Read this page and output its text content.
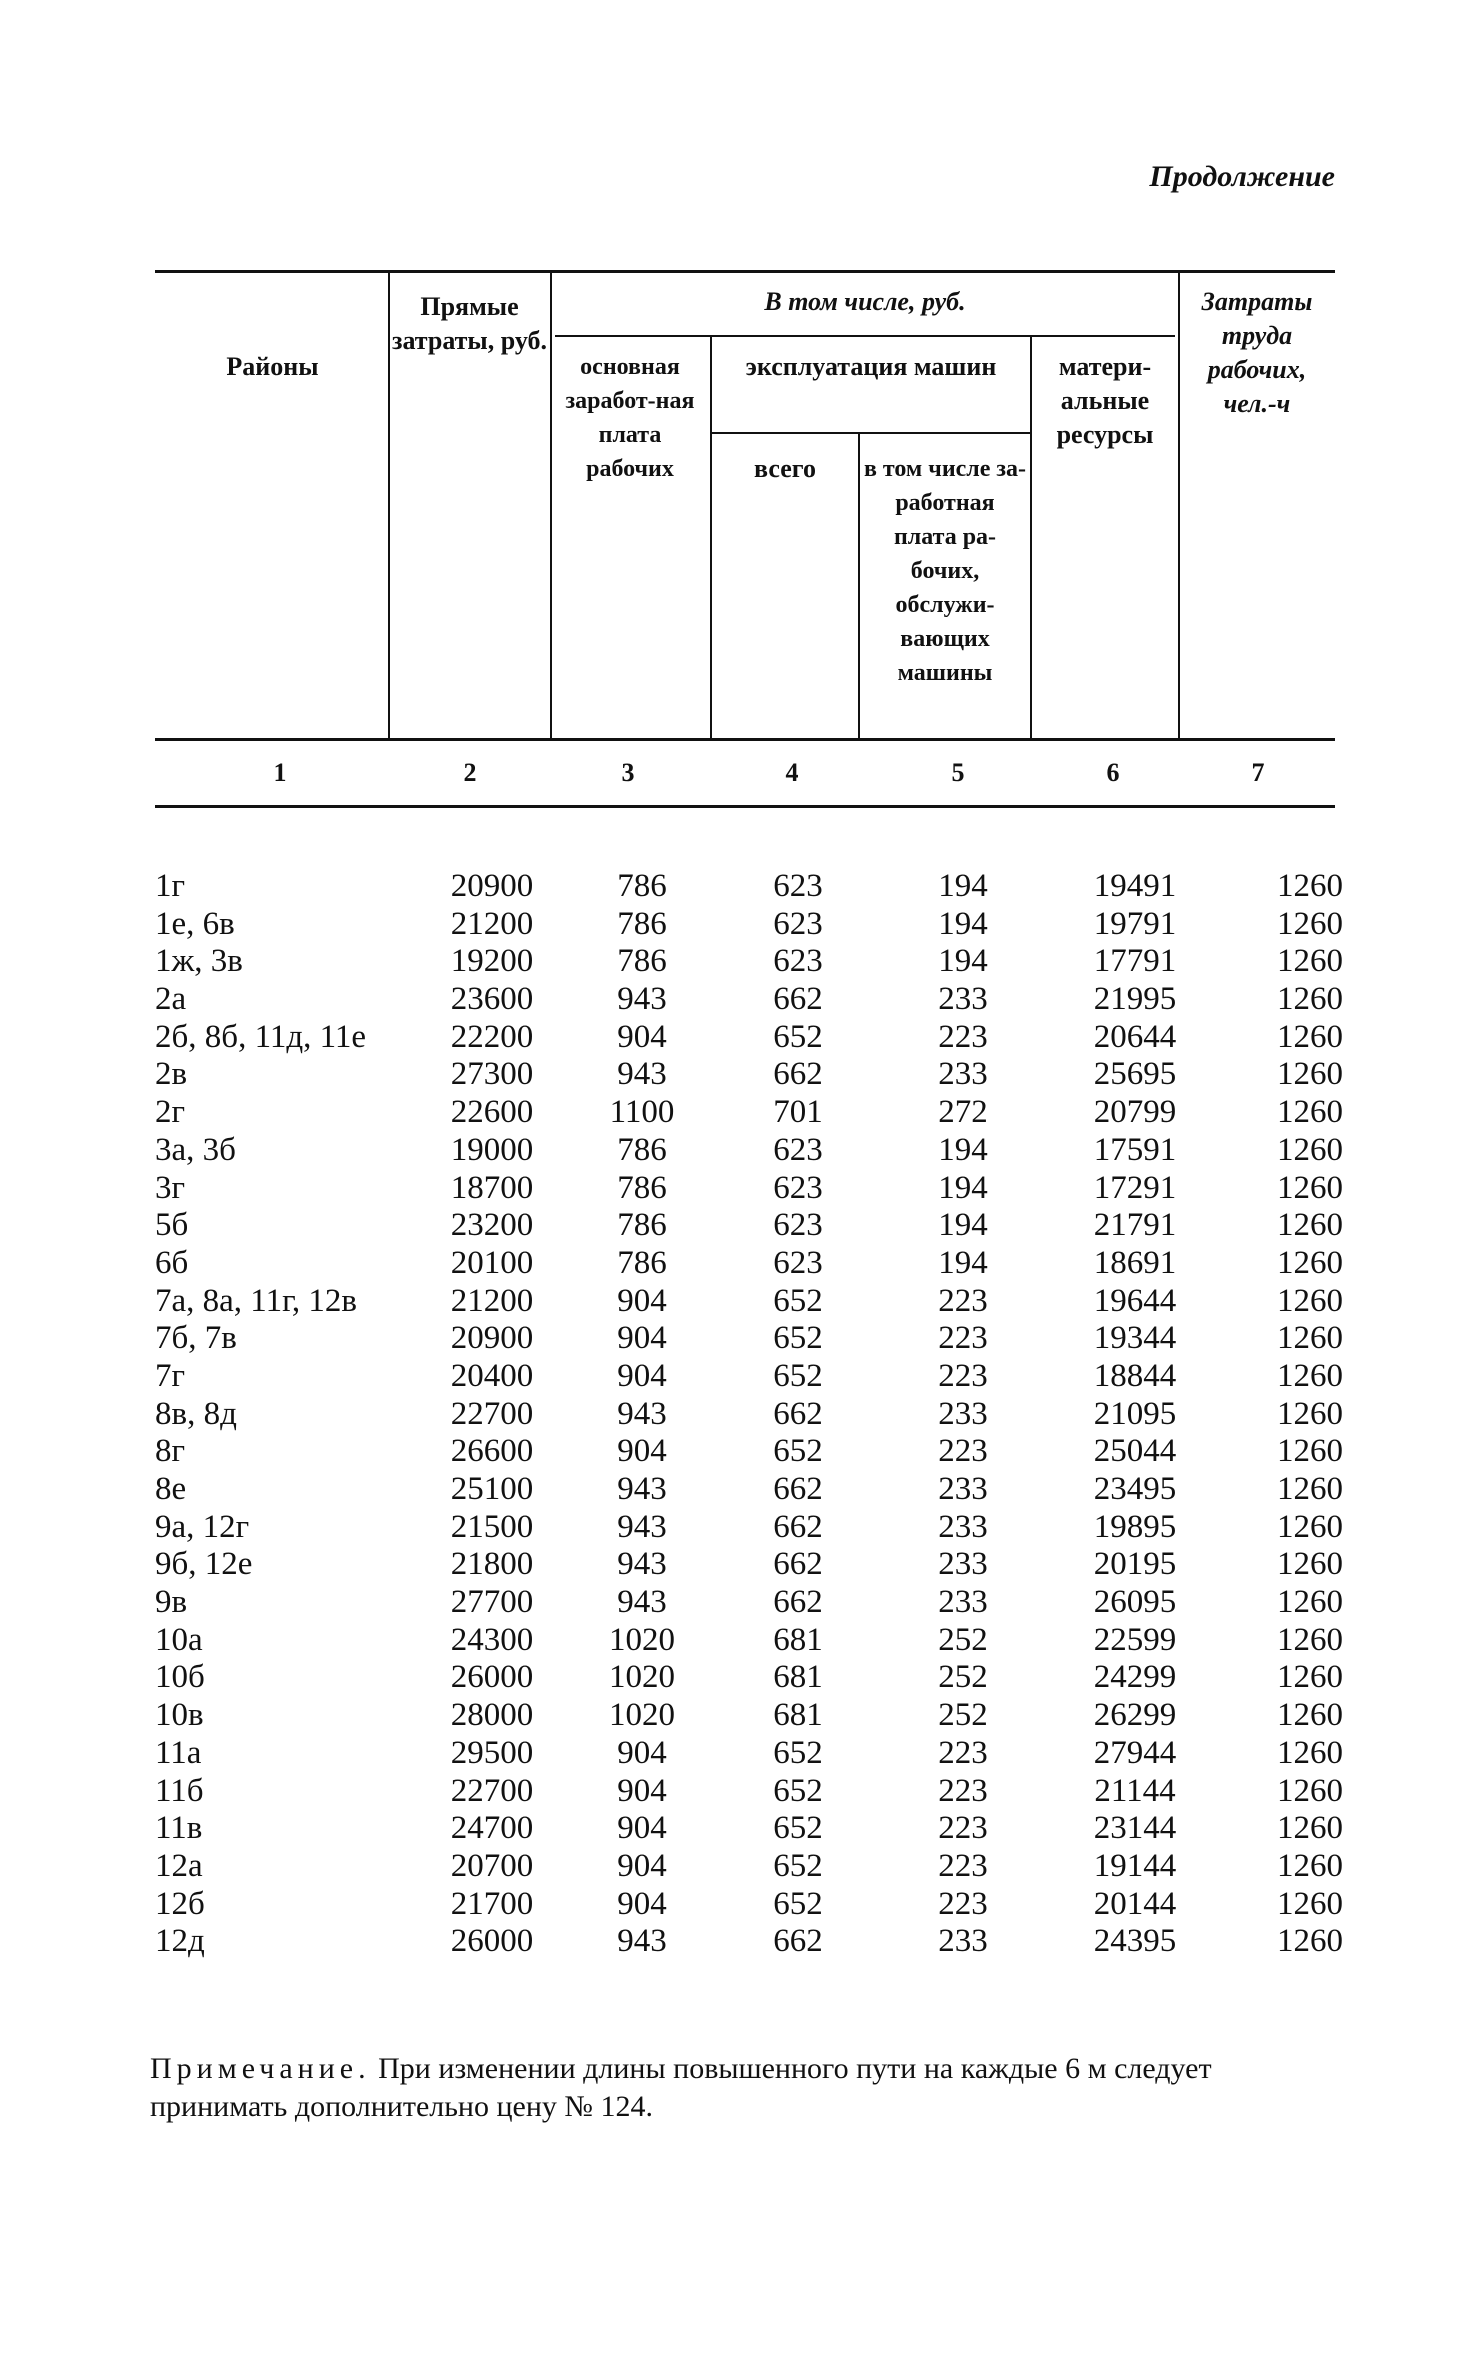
Продолжение
Районы
Прямые затраты, руб.
В том числе, руб.
основная заработ-ная плата рабочих
эксплуатация машин
всего	в том числе за-работная плата ра-бочих, обслужи-вающих машины
матери-альные ресурсы
Затраты труда рабочих, чел.-ч
1	2	3	4	5	6	7
1г	20900	786	623	194	19491	1260
1е, 6в	21200	786	623	194	19791	1260
1ж, 3в	19200	786	623	194	17791	1260
2а	23600	943	662	233	21995	1260
2б, 8б, 11д, 11е	22200	904	652	223	20644	1260
2в	27300	943	662	233	25695	1260
2г	22600	1100	701	272	20799	1260
3а, 3б	19000	786	623	194	17591	1260
3г	18700	786	623	194	17291	1260
5б	23200	786	623	194	21791	1260
6б	20100	786	623	194	18691	1260
7а, 8а, 11г, 12в	21200	904	652	223	19644	1260
7б, 7в	20900	904	652	223	19344	1260
7г	20400	904	652	223	18844	1260
8в, 8д	22700	943	662	233	21095	1260
8г	26600	904	652	223	25044	1260
8е	25100	943	662	233	23495	1260
9а, 12г	21500	943	662	233	19895	1260
9б, 12е	21800	943	662	233	20195	1260
9в	27700	943	662	233	26095	1260
10а	24300	1020	681	252	22599	1260
10б	26000	1020	681	252	24299	1260
10в	28000	1020	681	252	26299	1260
11а	29500	904	652	223	27944	1260
11б	22700	904	652	223	21144	1260
11в	24700	904	652	223	23144	1260
12а	20700	904	652	223	19144	1260
12б	21700	904	652	223	20144	1260
12д	26000	943	662	233	24395	1260
Примечание. При изменении длины повышенного пути на каждые 6 м следует принимать дополнительно цену № 124.
